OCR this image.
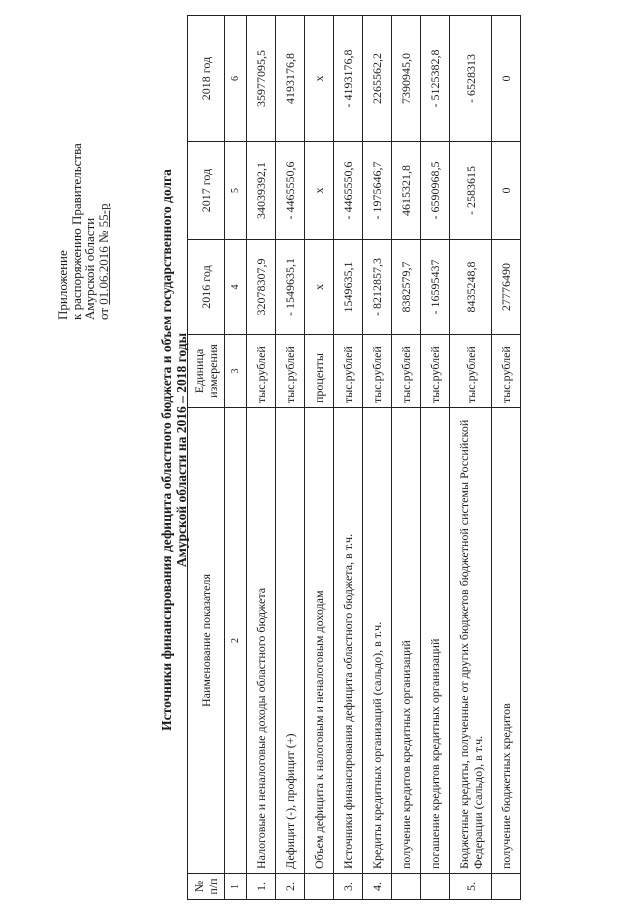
Приложение
к распоряжению Правительства
Амурской области
от 01.06.2016 № 55-р	Источники финансирования дефицита областного бюджета и объем государственного долга Амурской области на 2016 – 2018 годы
№ п/п	Наименование показателя	Единица измерения	2016 год	2017 год	2018 год
1	2	3	4	5	6
1.	Налоговые и неналоговые доходы областного бюджета	тыс.рублей	32078307,9	34039392,1	35977095,5
2.	Дефицит (-), профицит (+)	тыс.рублей	- 1549635,1	- 4465550,6	4193176,8
	Объем дефицита к налоговым и неналоговым доходам	проценты	х	х	х
3.	Источники финансирования дефицита областного бюджета, в т.ч.	тыс.рублей	1549635,1	- 4465550,6	- 4193176,8
4.	Кредиты кредитных организаций (сальдо), в т.ч.	тыс.рублей	- 8212857,3	- 1975646,7	2265562,2
	получение кредитов кредитных организаций	тыс.рублей	8382579,7	4615321,8	7390945,0
	погашение кредитов кредитных организаций	тыс.рублей	- 16595437	- 6590968,5	- 5125382,8
5.	Бюджетные кредиты, полученные от других бюджетов бюджетной системы Российской Федерации (сальдо), в т.ч.	тыс.рублей	8435248,8	- 2583615	- 6528313
	получение бюджетных кредитов	тыс.рублей	27776490	0	0
